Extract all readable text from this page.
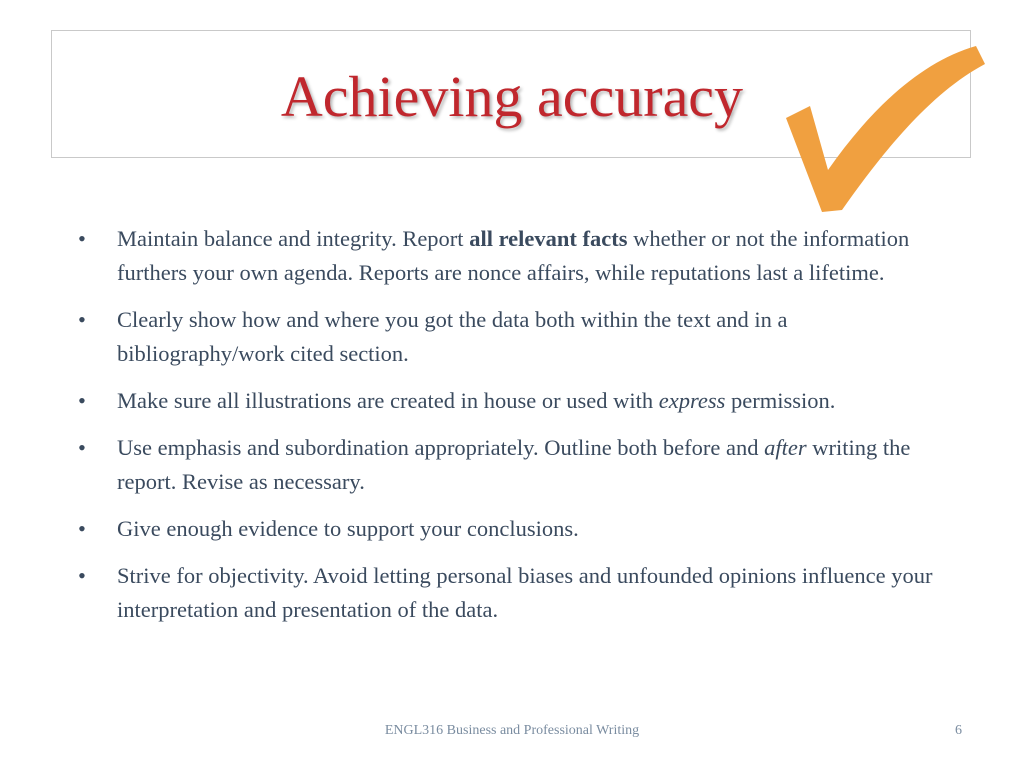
Achieving accuracy
• Maintain balance and integrity. Report all relevant facts whether or not the information furthers your own agenda. Reports are nonce affairs, while reputations last a lifetime.
• Clearly show how and where you got the data both within the text and in a bibliography/work cited section.
• Make sure all illustrations are created in house or used with express permission.
• Use emphasis and subordination appropriately. Outline both before and after writing the report. Revise as necessary.
• Give enough evidence to support your conclusions.
• Strive for objectivity. Avoid letting personal biases and unfounded opinions influence your interpretation and presentation of the data.
ENGL316 Business and Professional Writing	6
